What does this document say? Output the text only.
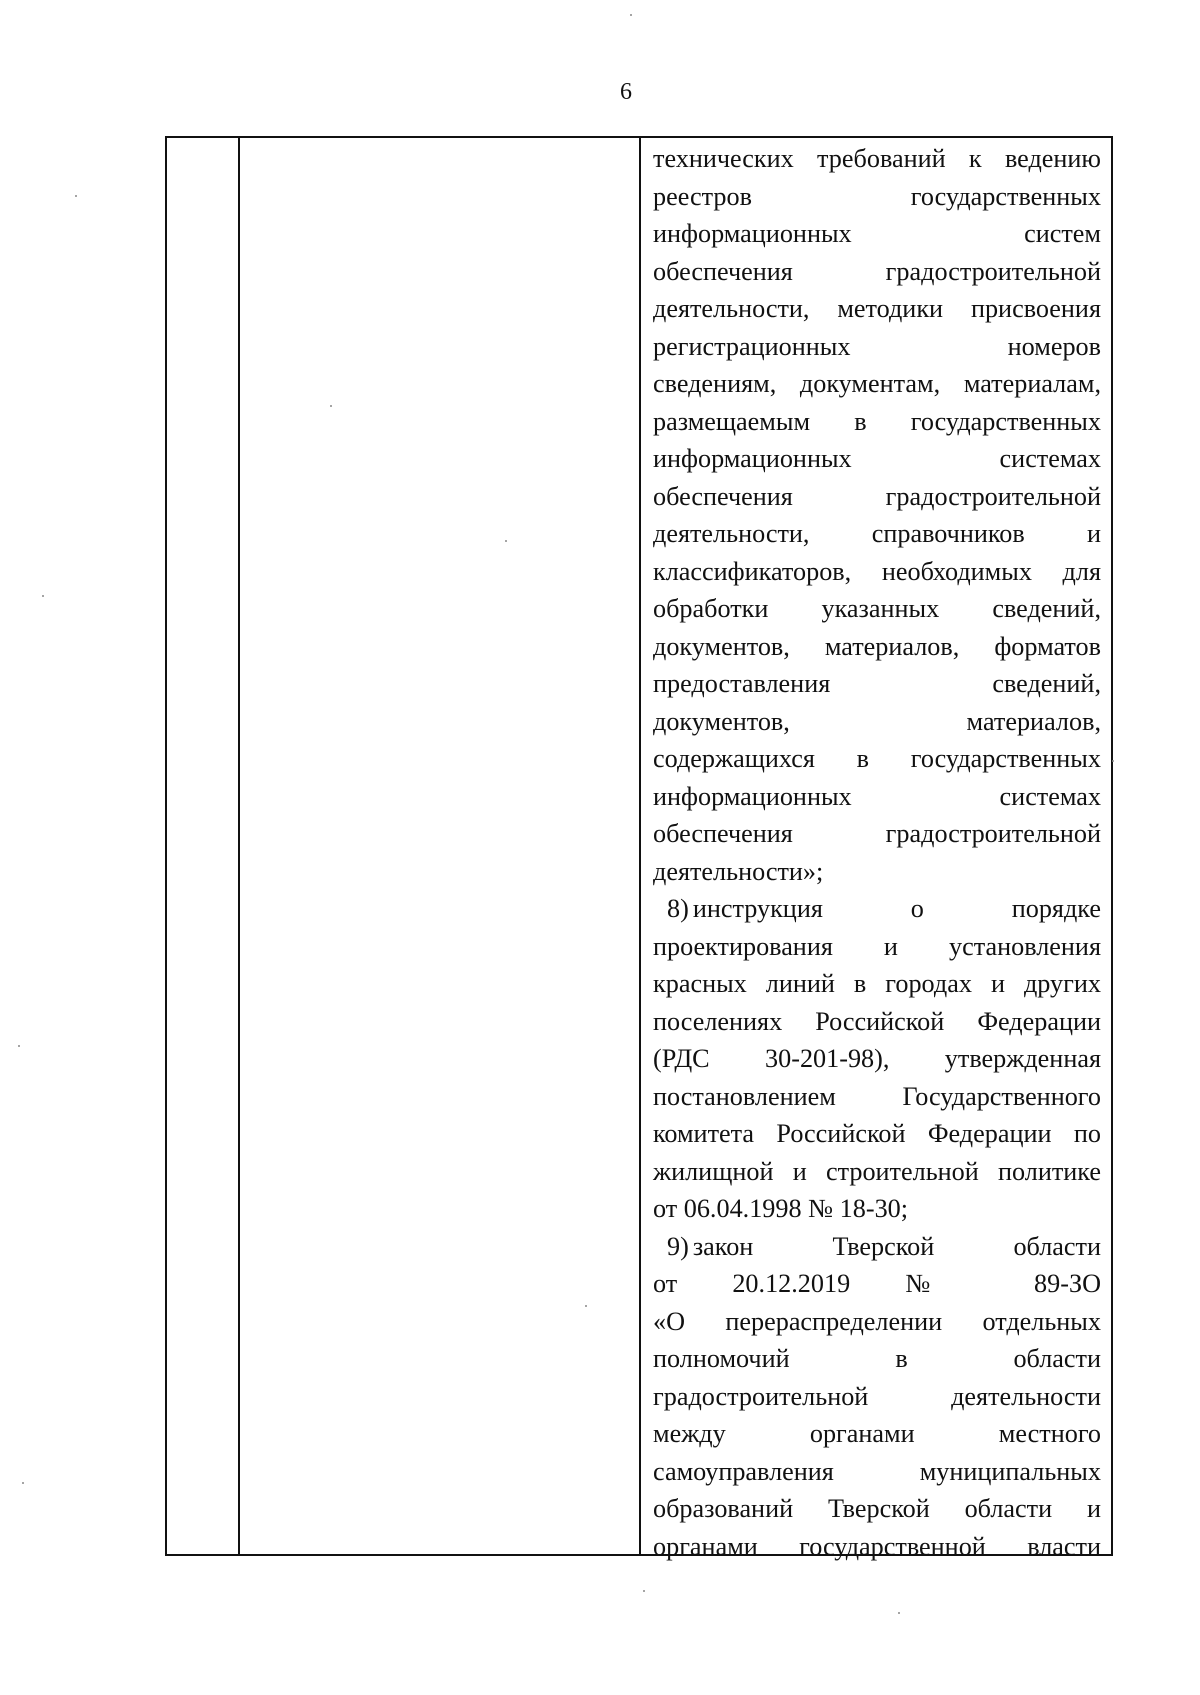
6
технических требований к ведению
реестров государственных
информационных систем
обеспечения градостроительной
деятельности, методики присвоения
регистрационных номеров
сведениям, документам, материалам,
размещаемым в государственных
информационных системах
обеспечения градостроительной
деятельности, справочников и
классификаторов, необходимых для
обработки указанных сведений,
документов, материалов, форматов
предоставления сведений,
документов, материалов,
содержащихся в государственных
информационных системах
обеспечения градостроительной
деятельности»;
8) инструкция о порядке
проектирования и установления
красных линий в городах и других
поселениях Российской Федерации
(РДС 30-201-98), утвержденная
постановлением Государственного
комитета Российской Федерации по
жилищной и строительной политике
от 06.04.1998 № 18-30;
9) закон Тверской области
от 20.12.2019 № 89-ЗО
«О перераспределении отдельных
полномочий в области
градостроительной деятельности
между органами местного
самоуправления муниципальных
образований Тверской области и
органами государственной власти
